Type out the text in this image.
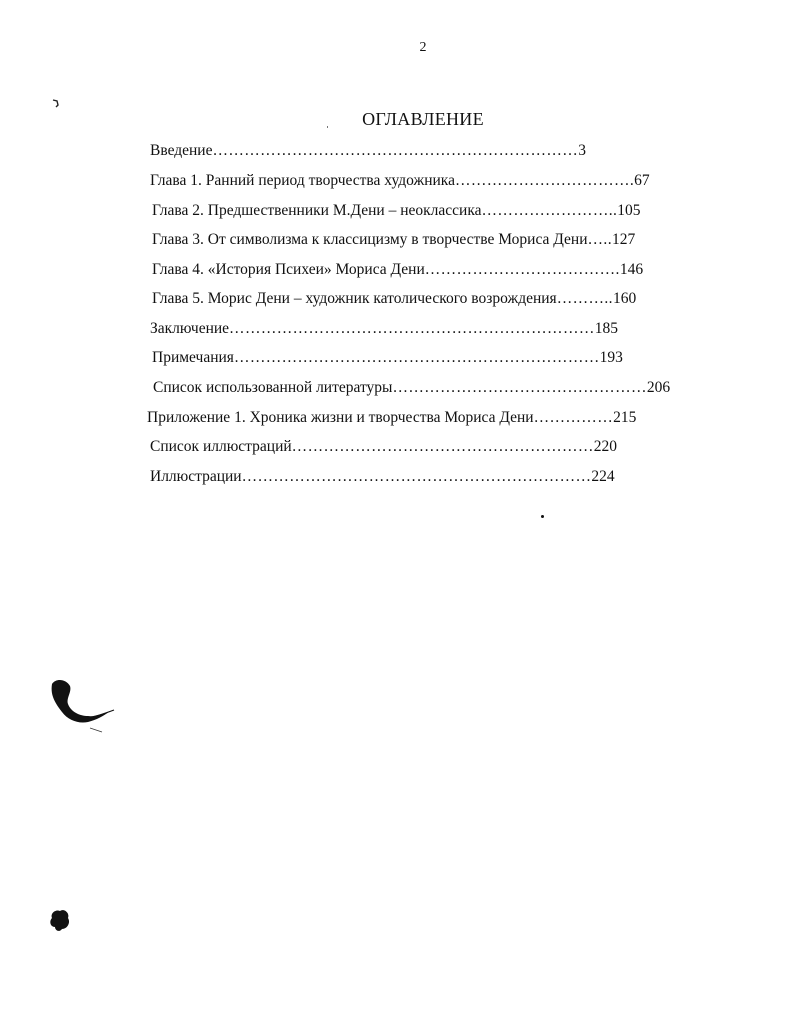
2
ОГЛАВЛЕНИЕ
Введение……………………………………………………………3
Глава 1. Ранний период творчества художника…………………………….67
Глава 2. Предшественники М.Дени – неоклассика……………………..105
Глава 3. От символизма к классицизму в творчестве Мориса Дени…..127
Глава 4. «История Психеи» Мориса Дени……………………………….146
Глава 5. Морис Дени – художник католического возрождения………..160
Заключение……………………………………………………………185
Примечания……………………………………………………………193
Список использованной литературы…………………………………………206
Приложение 1. Хроника жизни и творчества Мориса Дени……………215
Список иллюстраций…………………………………………………220
Иллюстрации…………………………………………………………224
